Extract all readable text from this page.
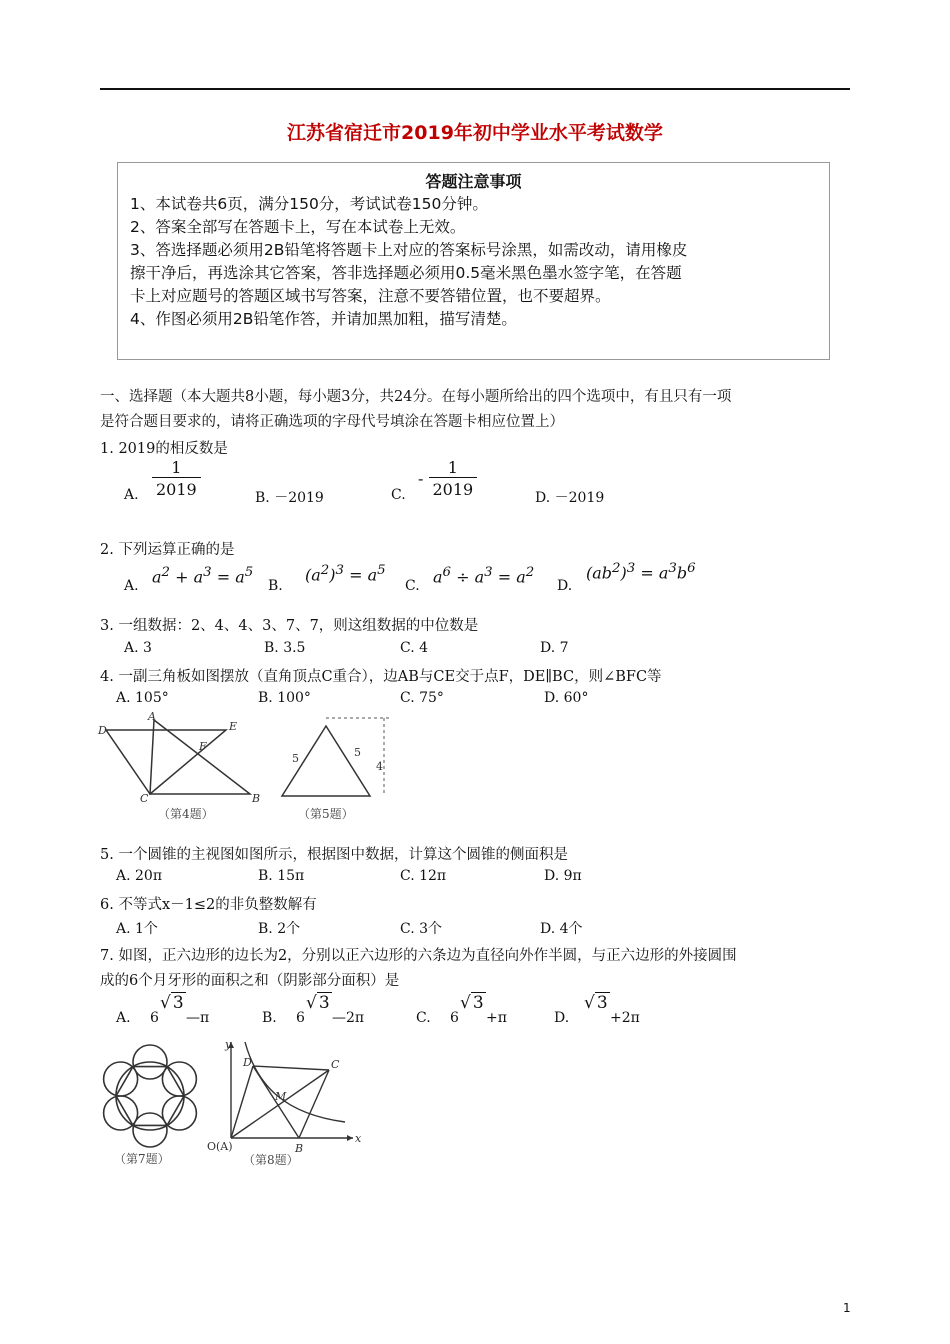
江苏省宿迁市2019年初中学业水平考试数学
答题注意事项
1、本试卷共6页，满分150分，考试试卷150分钟。
2、答案全部写在答题卡上，写在本试卷上无效。
3、答选择题必须用2B铅笔将答题卡上对应的答案标号涂黑，如需改动，请用橡皮
擦干净后，再选涂其它答案，答非选择题必须用0.5毫米黑色墨水签字笔，在答题
卡上对应题号的答题区域书写答案，注意不要答错位置，也不要超界。
4、作图必须用2B铅笔作答，并请加黑加粗，描写清楚。
一、选择题（本大题共8小题，每小题3分，共24分。在每小题所给出的四个选项中，有且只有一项
是符合题目要求的，请将正确选项的字母代号填涂在答题卡相应位置上）
1. 2019的相反数是
A. $\frac{1}{2019}$	B. －2019	C.
- $\frac{1}{2019}$	D. －2019
2. 下列运算正确的是
A. $a^2 + a^3 = a^5$
B.
$(a^2)^3 = a^5$
C. $a^6 \div a^3 = a^2$
D.
$(ab^2)^3 = a^3b^6$
3. 一组数据：2、4、4、3、7、7，则这组数据的中位数是
A. 3	B. 3.5	C. 4	D. 7
4. 一副三角板如图摆放（直角顶点C重合），边AB与CE交于点F，DE∥BC，则∠BFC等
A. 105°	B. 100°	C. 75°	D. 60°
D
A
E
F
C	B
（第4题）
5	5
4
（第5题）
5. 一个圆锥的主视图如图所示，根据图中数据，计算这个圆锥的侧面积是
A. 20π	B. 15π	C. 12π	D. 9π
6. 不等式x－1≤2的非负整数解有
A. 1个	B. 2个	C. 3个	D. 4个
7. 如图，正六边形的边长为2，分别以正六边形的六条边为直径向外作半圆，与正六边形的外接圆围
成的6个月牙形的面积之和（阴影部分面积）是
A. 6
√ 3
—π	B. 6
√ 3
—2π	C. 6
√ 3
+π	D.
√ 3
+2π
（第7题）
y
x
D	C
M
O(A)	B
（第8题）
1
